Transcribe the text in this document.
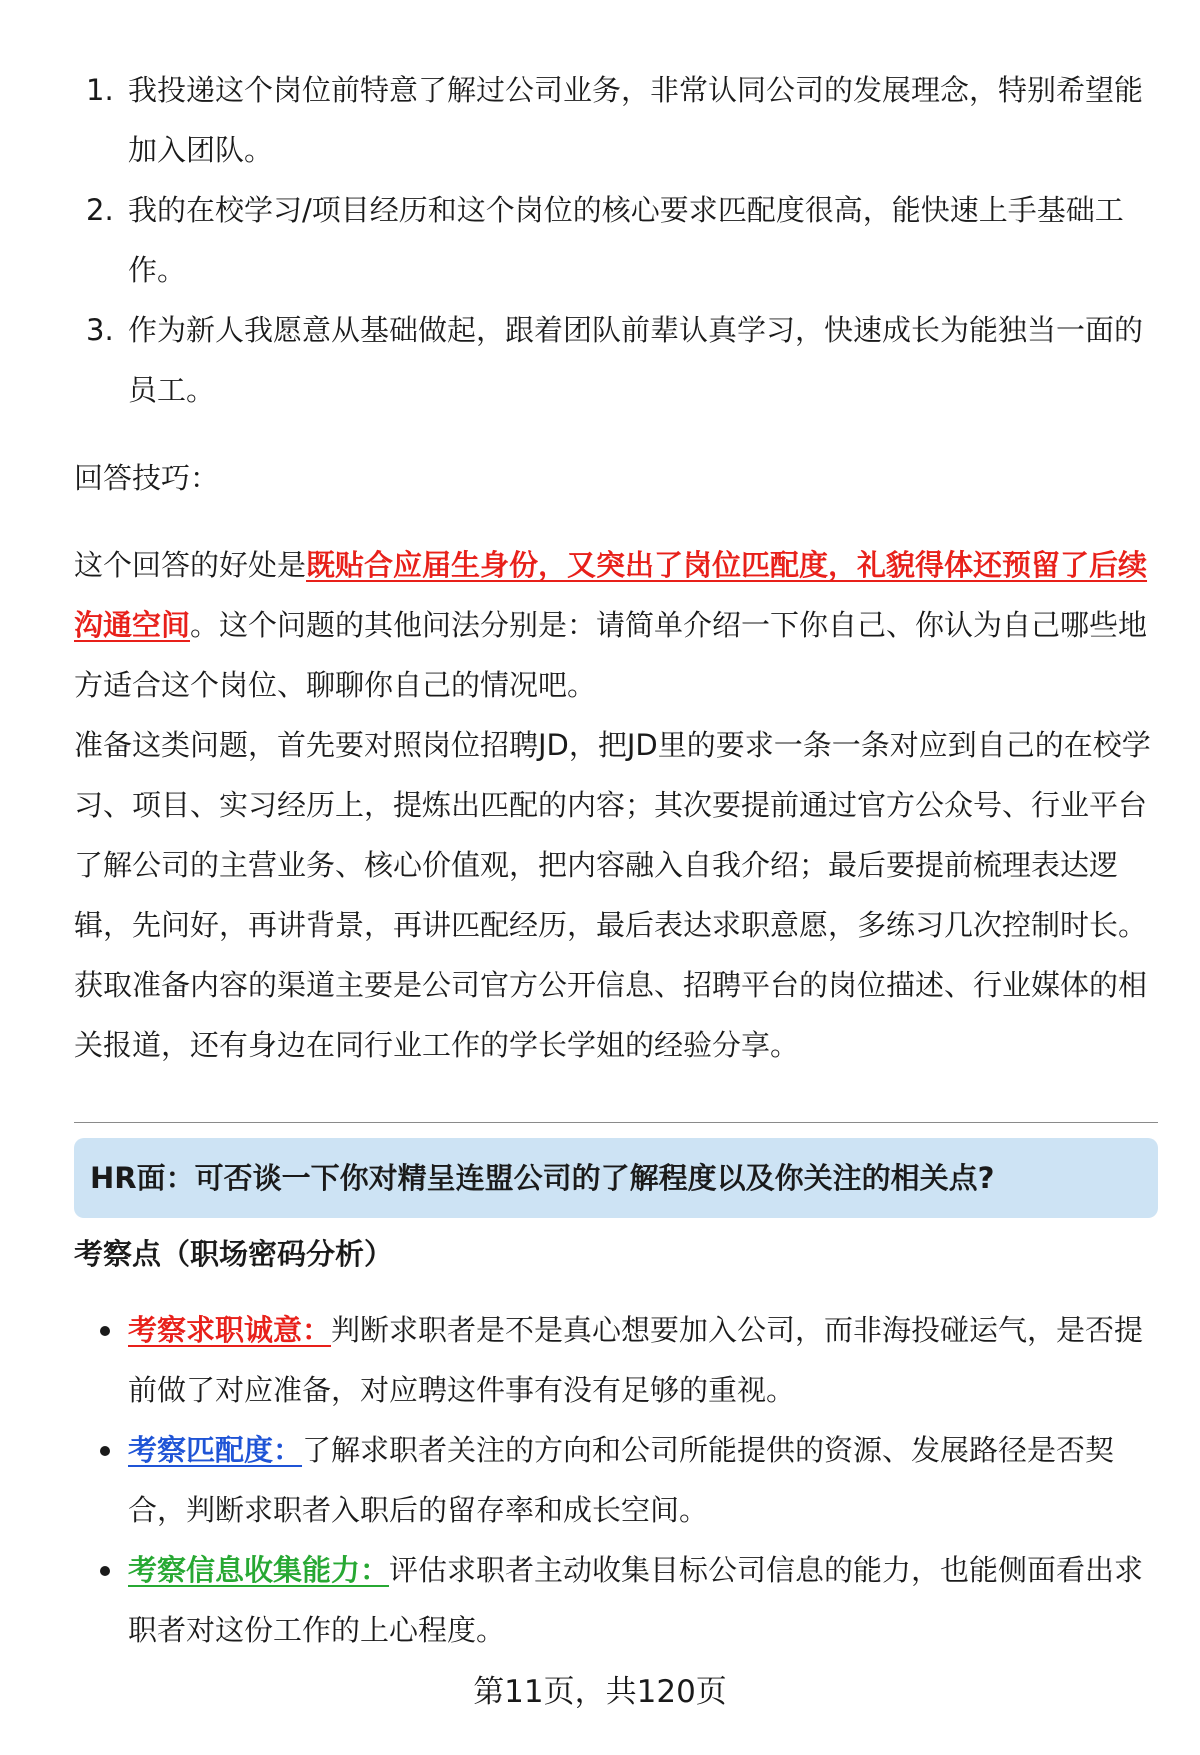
1. 我投递这个岗位前特意了解过公司业务，非常认同公司的发展理念，特别希望能加入团队。
2. 我的在校学习/项目经历和这个岗位的核心要求匹配度很高，能快速上手基础工作。
3. 作为新人我愿意从基础做起，跟着团队前辈认真学习，快速成长为能独当一面的员工。
回答技巧：
这个回答的好处是既贴合应届生身份，又突出了岗位匹配度，礼貌得体还预留了后续沟通空间。这个问题的其他问法分别是：请简单介绍一下你自己、你认为自己哪些地方适合这个岗位、聊聊你自己的情况吧。
准备这类问题，首先要对照岗位招聘JD，把JD里的要求一条一条对应到自己的在校学习、项目、实习经历上，提炼出匹配的内容；其次要提前通过官方公众号、行业平台了解公司的主营业务、核心价值观，把内容融入自我介绍；最后要提前梳理表达逻辑，先问好，再讲背景，再讲匹配经历，最后表达求职意愿，多练习几次控制时长。获取准备内容的渠道主要是公司官方公开信息、招聘平台的岗位描述、行业媒体的相关报道，还有身边在同行业工作的学长学姐的经验分享。
HR面：可否谈一下你对精呈连盟公司的了解程度以及你关注的相关点?
考察点（职场密码分析）
考察求职诚意：判断求职者是不是真心想要加入公司，而非海投碰运气，是否提前做了对应准备，对应聘这件事有没有足够的重视。
考察匹配度：了解求职者关注的方向和公司所能提供的资源、发展路径是否契合，判断求职者入职后的留存率和成长空间。
考察信息收集能力：评估求职者主动收集目标公司信息的能力，也能侧面看出求职者对这份工作的上心程度。
第11页，共120页
